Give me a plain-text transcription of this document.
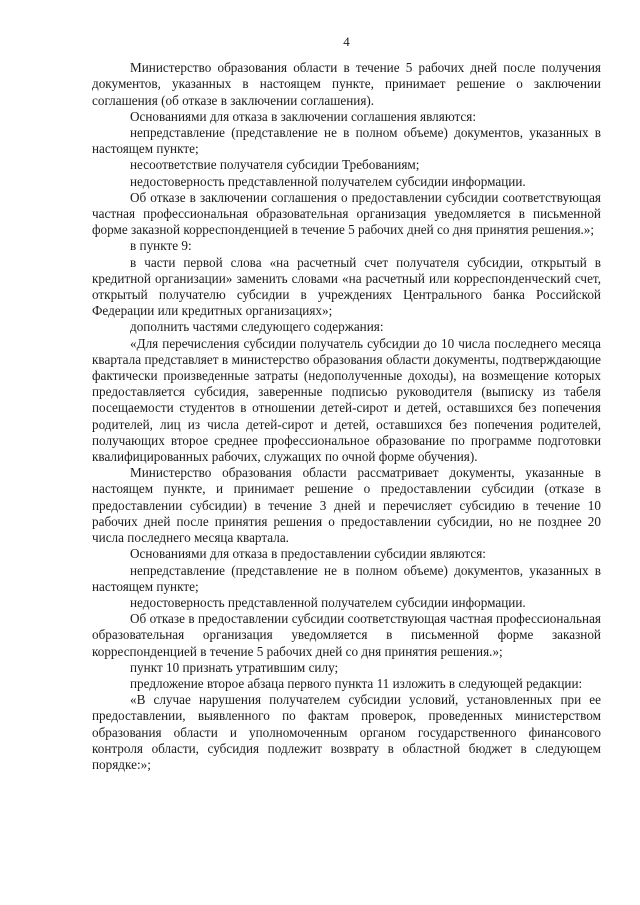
4

Министерство образования области в течение 5 рабочих дней после получения документов, указанных в настоящем пункте, принимает решение о заключении соглашения (об отказе в заключении соглашения).

Основаниями для отказа в заключении соглашения являются:

непредставление (представление не в полном объеме) документов, указанных в настоящем пункте;

несоответствие получателя субсидии Требованиям;

недостоверность представленной получателем субсидии информации.

Об отказе в заключении соглашения о предоставлении субсидии соответствующая частная профессиональная образовательная организация уведомляется в письменной форме заказной корреспонденцией в течение 5 рабочих дней со дня принятия решения.»;

в пункте 9:

в части первой слова «на расчетный счет получателя субсидии, открытый в кредитной организации» заменить словами «на расчетный или корреспонденческий счет, открытый получателю субсидии в учреждениях Центрального банка Российской Федерации или кредитных организациях»;

дополнить частями следующего содержания:

«Для перечисления субсидии получатель субсидии до 10 числа последнего месяца квартала представляет в министерство образования области документы, подтверждающие фактически произведенные затраты (недополученные доходы), на возмещение которых предоставляется субсидия, заверенные подписью руководителя (выписку из табеля посещаемости студентов в отношении детей-сирот и детей, оставшихся без попечения родителей, лиц из числа детей-сирот и детей, оставшихся без попечения родителей, получающих второе среднее профессиональное образование по программе подготовки квалифицированных рабочих, служащих по очной форме обучения).

Министерство образования области рассматривает документы, указанные в настоящем пункте, и принимает решение о предоставлении субсидии (отказе в предоставлении субсидии) в течение 3 дней и перечисляет субсидию в течение 10 рабочих дней после принятия решения о предоставлении субсидии, но не позднее 20 числа последнего месяца квартала.

Основаниями для отказа в предоставлении субсидии являются:

непредставление (представление не в полном объеме) документов, указанных в настоящем пункте;

недостоверность представленной получателем субсидии информации.

Об отказе в предоставлении субсидии соответствующая частная профессиональная образовательная организация уведомляется в письменной форме заказной корреспонденцией в течение 5 рабочих дней со дня принятия решения.»;

пункт 10 признать утратившим силу;

предложение второе абзаца первого пункта 11 изложить в следующей редакции:

«В случае нарушения получателем субсидии условий, установленных при ее предоставлении, выявленного по фактам проверок, проведенных министерством образования области и уполномоченным органом государственного финансового контроля области, субсидия подлежит возврату в областной бюджет в следующем порядке:»;
